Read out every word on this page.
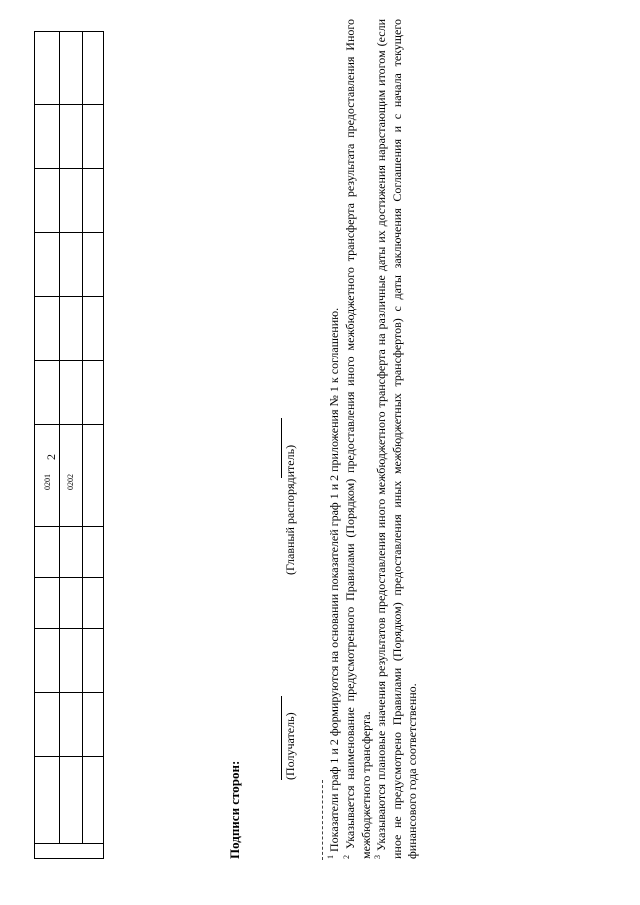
2
0201 0202
Подписи сторон:
(Получатель)
(Главный распорядитель)
$^1$ Показатели граф 1 и 2 формируются на основании показателей граф 1 и 2 приложения № 1 к соглашению.
$^2$ Указывается наименование предусмотренного Правилами (Порядком) предоставления иного межбюджетного трансферта результата предоставления Иного межбюджетного трансферта. $^3$ Указываются плановые значения результатов предоставления иного межбюджетного трансферта на различные даты их достижения нарастающим итогом (если иное не предусмотрено Правилами (Порядком) предоставления иных межбюджетных трансфертов) с даты заключения Соглашения и с начала текущего финансового года соответственно.
